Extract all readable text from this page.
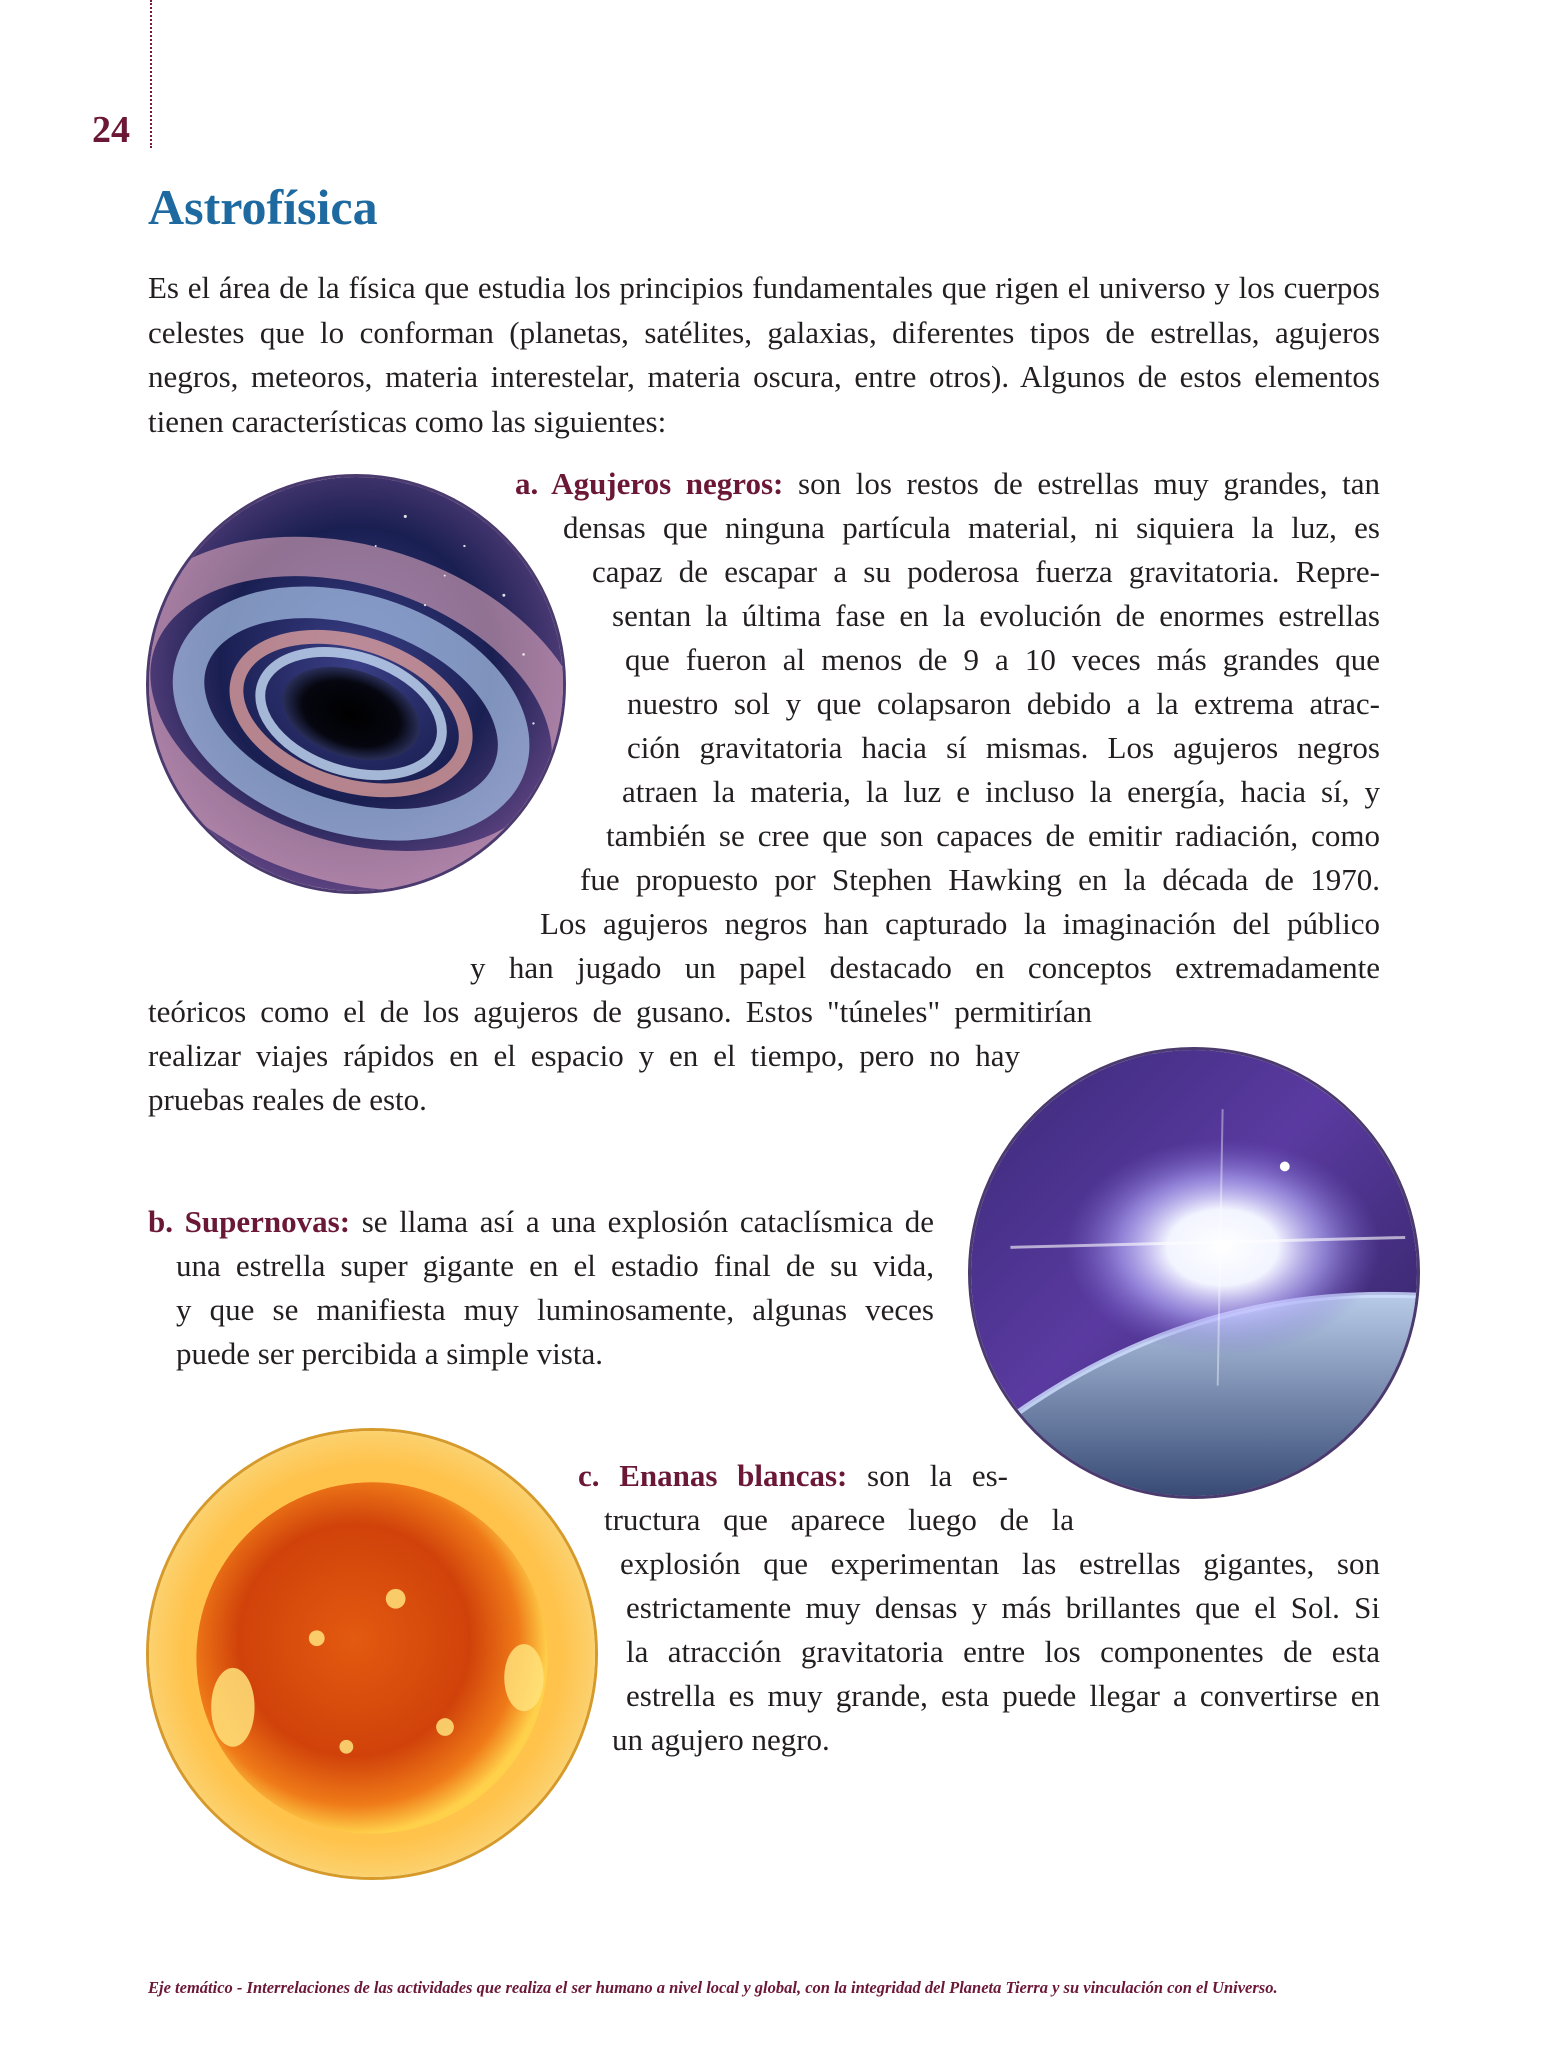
24
Astrofísica

Es el área de la física que estudia los principios fundamentales que rigen el universo y los cuerpos celestes que lo conforman (planetas, satélites, galaxias, diferentes tipos de estrellas, agujeros negros, meteoros, materia interestelar, materia oscura, entre otros). Algunos de estos elementos tienen características como las siguientes:

a. Agujeros negros: son los restos de estrellas muy grandes, tan
densas que ninguna partícula material, ni siquiera la luz, es
capaz de escapar a su poderosa fuerza gravitatoria. Repre-
sentan la última fase en la evolución de enormes estrellas
que fueron al menos de 9 a 10 veces más grandes que
nuestro sol y que colapsaron debido a la extrema atrac-
ción gravitatoria hacia sí mismas. Los agujeros negros
atraen la materia, la luz e incluso la energía, hacia sí, y
también se cree que son capaces de emitir radiación, como
fue propuesto por Stephen Hawking en la década de 1970.
Los agujeros negros han capturado la imaginación del público
y han jugado un papel destacado en conceptos extremadamente
teóricos como el de los agujeros de gusano. Estos "túneles" permitirían
realizar viajes rápidos en el espacio y en el tiempo, pero no hay
pruebas reales de esto.
b. Supernovas: se llama así a una explosión cataclísmica de
una estrella super gigante en el estadio final de su vida,
y que se manifiesta muy luminosamente, algunas veces
puede ser percibida a simple vista.
c. Enanas blancas: son la es-
tructura que aparece luego de la
explosión que experimentan las estrellas gigantes, son
estrictamente muy densas y más brillantes que el Sol. Si
la atracción gravitatoria entre los componentes de esta
estrella es muy grande, esta puede llegar a convertirse en
un agujero negro.
Eje temático - Interrelaciones de las actividades que realiza el ser humano a nivel local y global, con la integridad del Planeta Tierra y su vinculación con el Universo.
